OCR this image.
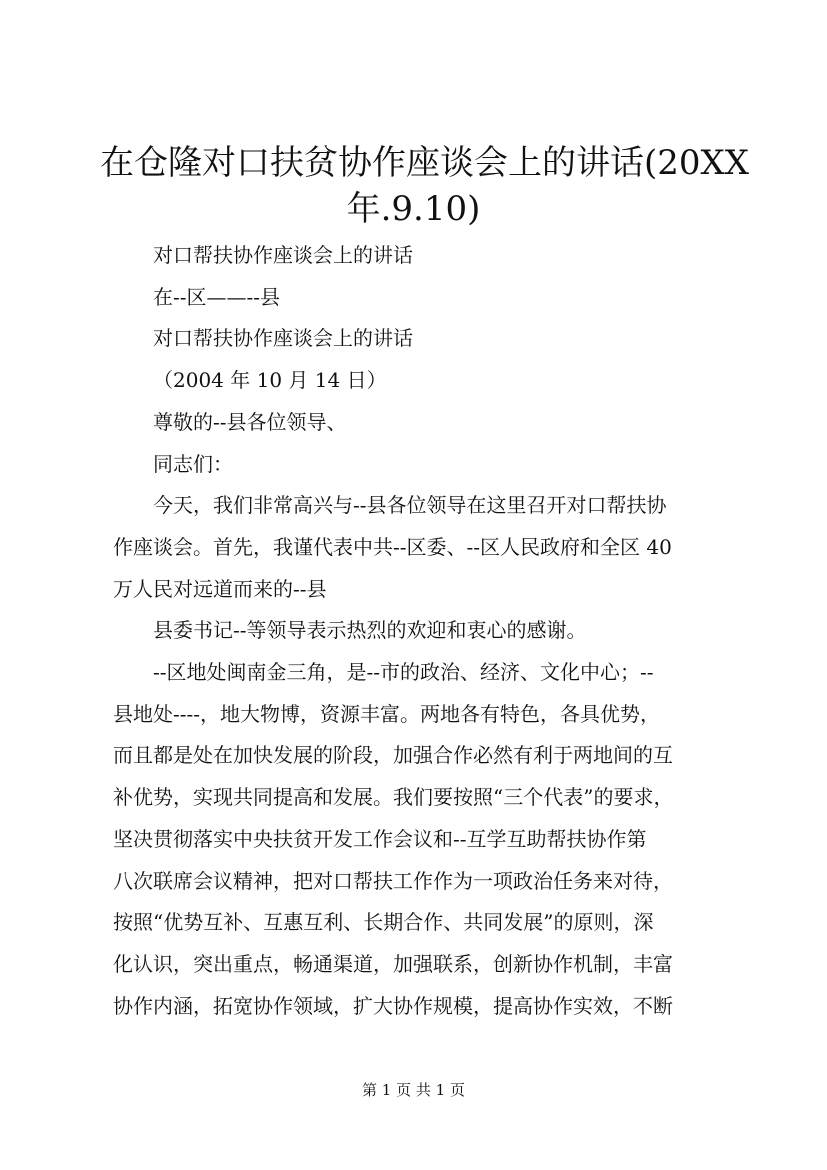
在仓隆对口扶贫协作座谈会上的讲话(20XX
年.9.10)

对口帮扶协作座谈会上的讲话

在--区——--县

对口帮扶协作座谈会上的讲话

（2004 年 10 月 14 日）

尊敬的--县各位领导、

同志们：

今天，我们非常高兴与--县各位领导在这里召开对口帮扶协
作座谈会。首先，我谨代表中共--区委、--区人民政府和全区 40
万人民对远道而来的--县

县委书记--等领导表示热烈的欢迎和衷心的感谢。

--区地处闽南金三角，是--市的政治、经济、文化中心；--
县地处----，地大物博，资源丰富。两地各有特色，各具优势，
而且都是处在加快发展的阶段，加强合作必然有利于两地间的互
补优势，实现共同提高和发展。我们要按照“三个代表”的要求，
坚决贯彻落实中央扶贫开发工作会议和--互学互助帮扶协作第
八次联席会议精神，把对口帮扶工作作为一项政治任务来对待，
按照“优势互补、互惠互利、长期合作、共同发展”的原则，深
化认识，突出重点，畅通渠道，加强联系，创新协作机制，丰富
协作内涵，拓宽协作领域，扩大协作规模，提高协作实效，不断

第 1 页 共 1 页
